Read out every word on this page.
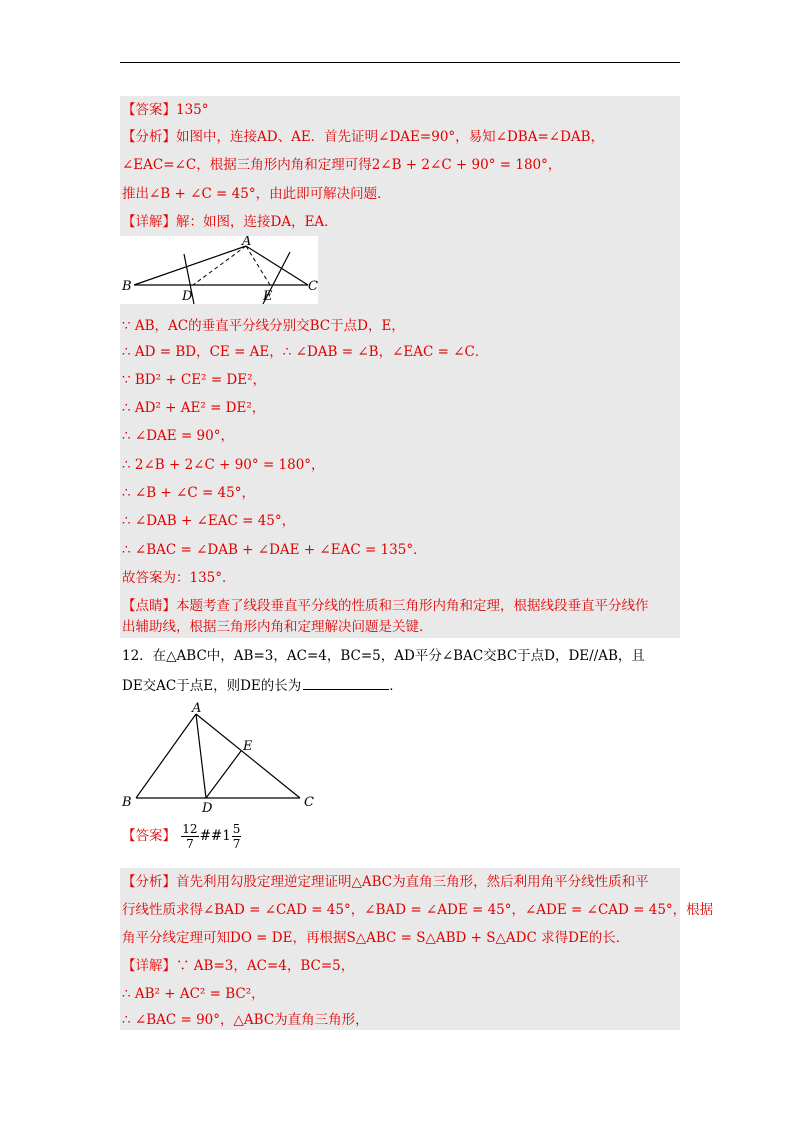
【答案】135°
【分析】如图中，连接AD、AE．首先证明∠DAE=90°，易知∠DBA=∠DAB，
∠EAC=∠C，根据三角形内角和定理可得2∠B + 2∠C + 90° = 180°，
推出∠B + ∠C = 45°，由此即可解决问题．
【详解】解：如图，连接DA，EA．
A
B	C
D	E
∵ AB，AC的垂直平分线分别交BC于点D，E，
∴ AD = BD，CE = AE，∴ ∠DAB = ∠B，∠EAC = ∠C．
∵ BD² + CE² = DE²，
∴ AD² + AE² = DE²，
∴ ∠DAE = 90°，
∴ 2∠B + 2∠C + 90° = 180°，
∴ ∠B + ∠C = 45°，
∴ ∠DAB + ∠EAC = 45°，
∴ ∠BAC = ∠DAB + ∠DAE + ∠EAC = 135°．
故答案为：135°．
【点睛】本题考查了线段垂直平分线的性质和三角形内角和定理，根据线段垂直平分线作
出辅助线，根据三角形内角和定理解决问题是关键．
12．在△ABC中，AB=3，AC=4，BC=5，AD平分∠BAC交BC于点D，DE//AB，且
DE交AC于点E，则DE的长为	．
A
B	C
D
E
【答案】 $\frac{12}{7}$ ##1 $\frac{5}{7}$
【分析】首先利用勾股定理逆定理证明△ABC为直角三角形，然后利用角平分线性质和平
行线性质求得∠BAD = ∠CAD = 45°，∠BAD = ∠ADE = 45°，∠ADE = ∠CAD = 45°，根据
角平分线定理可知DO = DE，再根据S△ABC = S△ABD + S△ADC 求得DE的长．
【详解】∵ AB=3，AC=4，BC=5，
∴ AB² + AC² = BC²，
∴ ∠BAC = 90°，△ABC为直角三角形，
